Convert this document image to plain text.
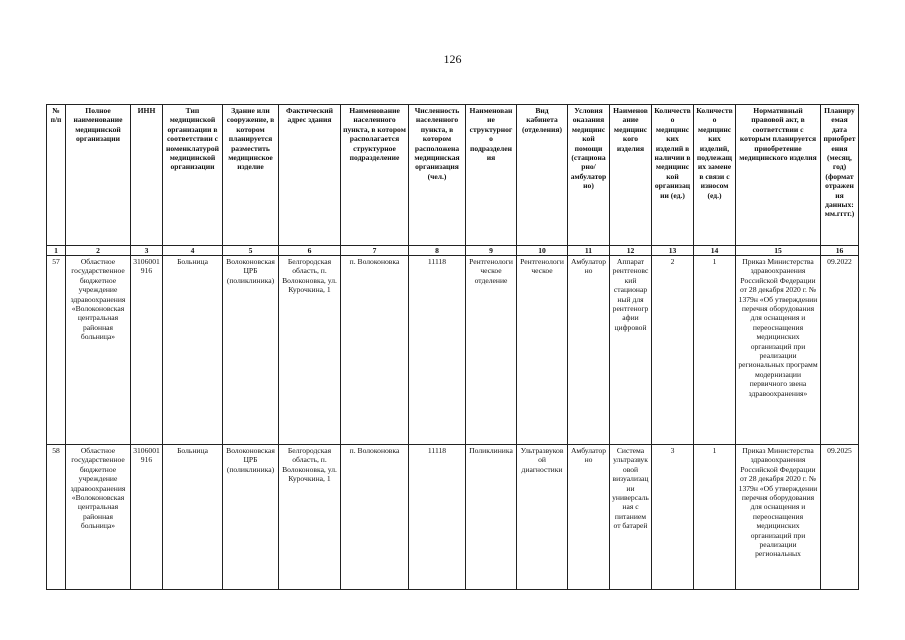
126
№ п/п	Полное наименование медицинской организации	ИНН	Тип медицинской организации в соответствии с номенклатурой медицинской организации	Здание или сооружение, в котором планируется разместить медицинское изделие	Фактический адрес здания	Наименование населенного пункта, в котором располагается структурное подразделение	Численность населенного пункта, в котором расположена медицинская организация (чел.)	Наименование структурного подразделения	Вид кабинета (отделения)	Условия оказания медицинской помощи (стационарно/ амбулаторно)	Наименование медицинского изделия	Количество медицинских изделий в наличии в медицинской организации (ед.)	Количество медицинских изделий, подлежащих замене в связи с износом (ед.)	Нормативный правовой акт, в соответствии с которым планируется приобретение медицинского изделия	Планируемая дата приобретения (месяц, год) (формат отражения данных: мм.гггг.)
1	2	3	4	5	6	7	8	9	10	11	12	13	14	15	16
57	Областное государственное бюджетное учреждение здравоохранения «Волоконовская центральная районная больница»	3106001916	Больница	Волоконовская ЦРБ (поликлиника)	Белгородская область, п. Волоконовка, ул. Курочкина, 1	п. Волоконовка	11118	Рентгенологическое отделение	Рентгенологическое	Амбулаторно	Аппарат рентгеновский стационарный для рентгенографии цифровой	2	1	Приказ Министерства здравоохранения Российской Федерации от 28 декабря 2020 г. № 1379н «Об утверждении перечня оборудования для оснащения и переоснащения медицинских организаций при реализации региональных программ модернизации первичного звена здравоохранения»	09.2022
58	Областное государственное бюджетное учреждение здравоохранения «Волоконовская центральная районная больница»	3106001916	Больница	Волоконовская ЦРБ (поликлиника)	Белгородская область, п. Волоконовка, ул. Курочкина, 1	п. Волоконовка	11118	Поликлиника	Ультразвуковой диагностики	Амбулаторно	Система ультразвуковой визуализации универсальная с питанием от батарей	3	1	Приказ Министерства здравоохранения Российской Федерации от 28 декабря 2020 г. № 1379н «Об утверждении перечня оборудования для оснащения и переоснащения медицинских организаций при реализации региональных	09.2025
